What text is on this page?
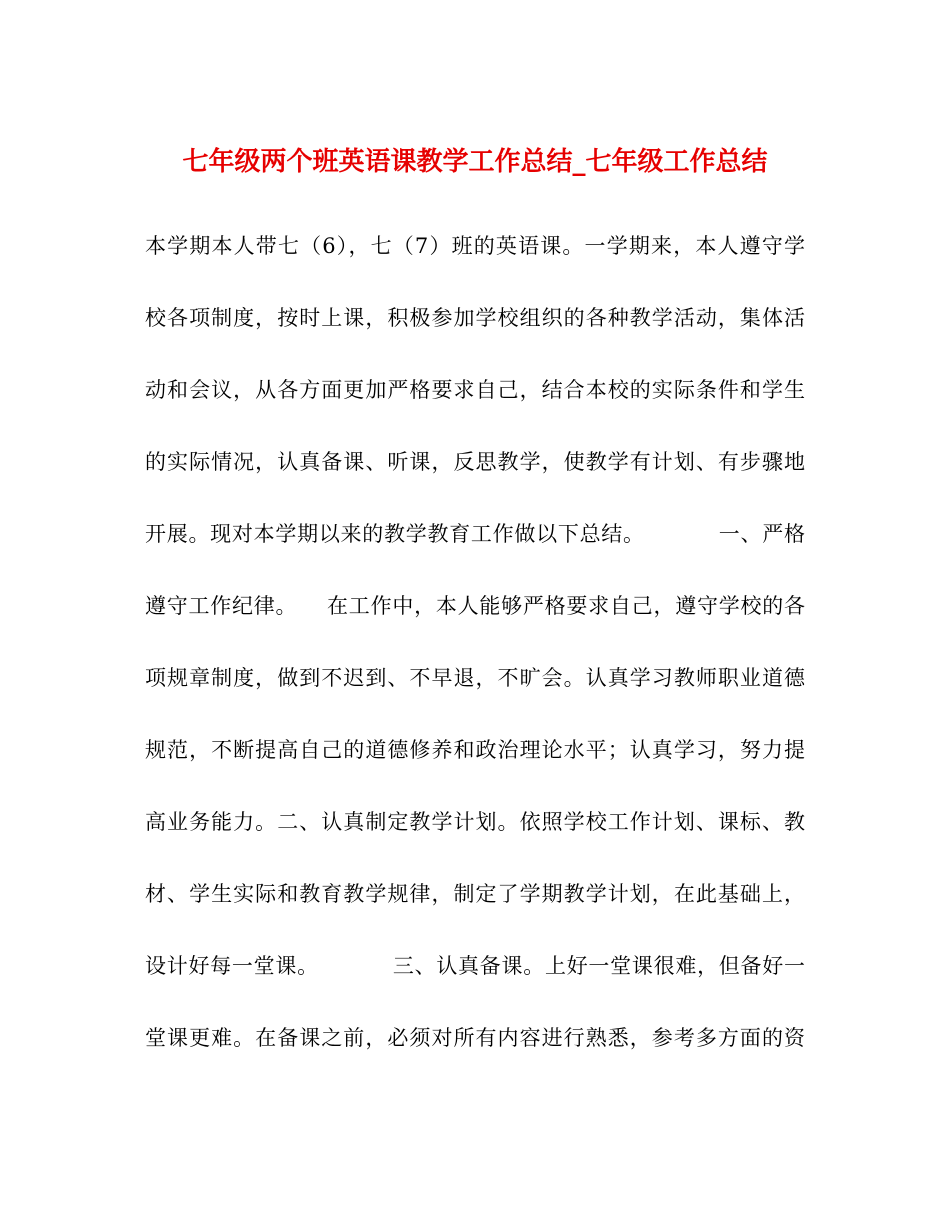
七年级两个班英语课教学工作总结_七年级工作总结
本学期本人带七（6），七（7）班的英语课。一学期来，本人遵守学
校各项制度，按时上课，积极参加学校组织的各种教学活动，集体活
动和会议，从各方面更加严格要求自己，结合本校的实际条件和学生
的实际情况，认真备课、听课，反思教学，使教学有计划、有步骤地
开展。现对本学期以来的教学教育工作做以下总结。          一、严格
遵守工作纪律。    在工作中，本人能够严格要求自己，遵守学校的各
项规章制度，做到不迟到、不早退，不旷会。认真学习教师职业道德
规范，不断提高自己的道德修养和政治理论水平；认真学习，努力提
高业务能力。二、认真制定教学计划。依照学校工作计划、课标、教
材、学生实际和教育教学规律，制定了学期教学计划，在此基础上，
设计好每一堂课。          三、认真备课。上好一堂课很难，但备好一
堂课更难。在备课之前，必须对所有内容进行熟悉，参考多方面的资
